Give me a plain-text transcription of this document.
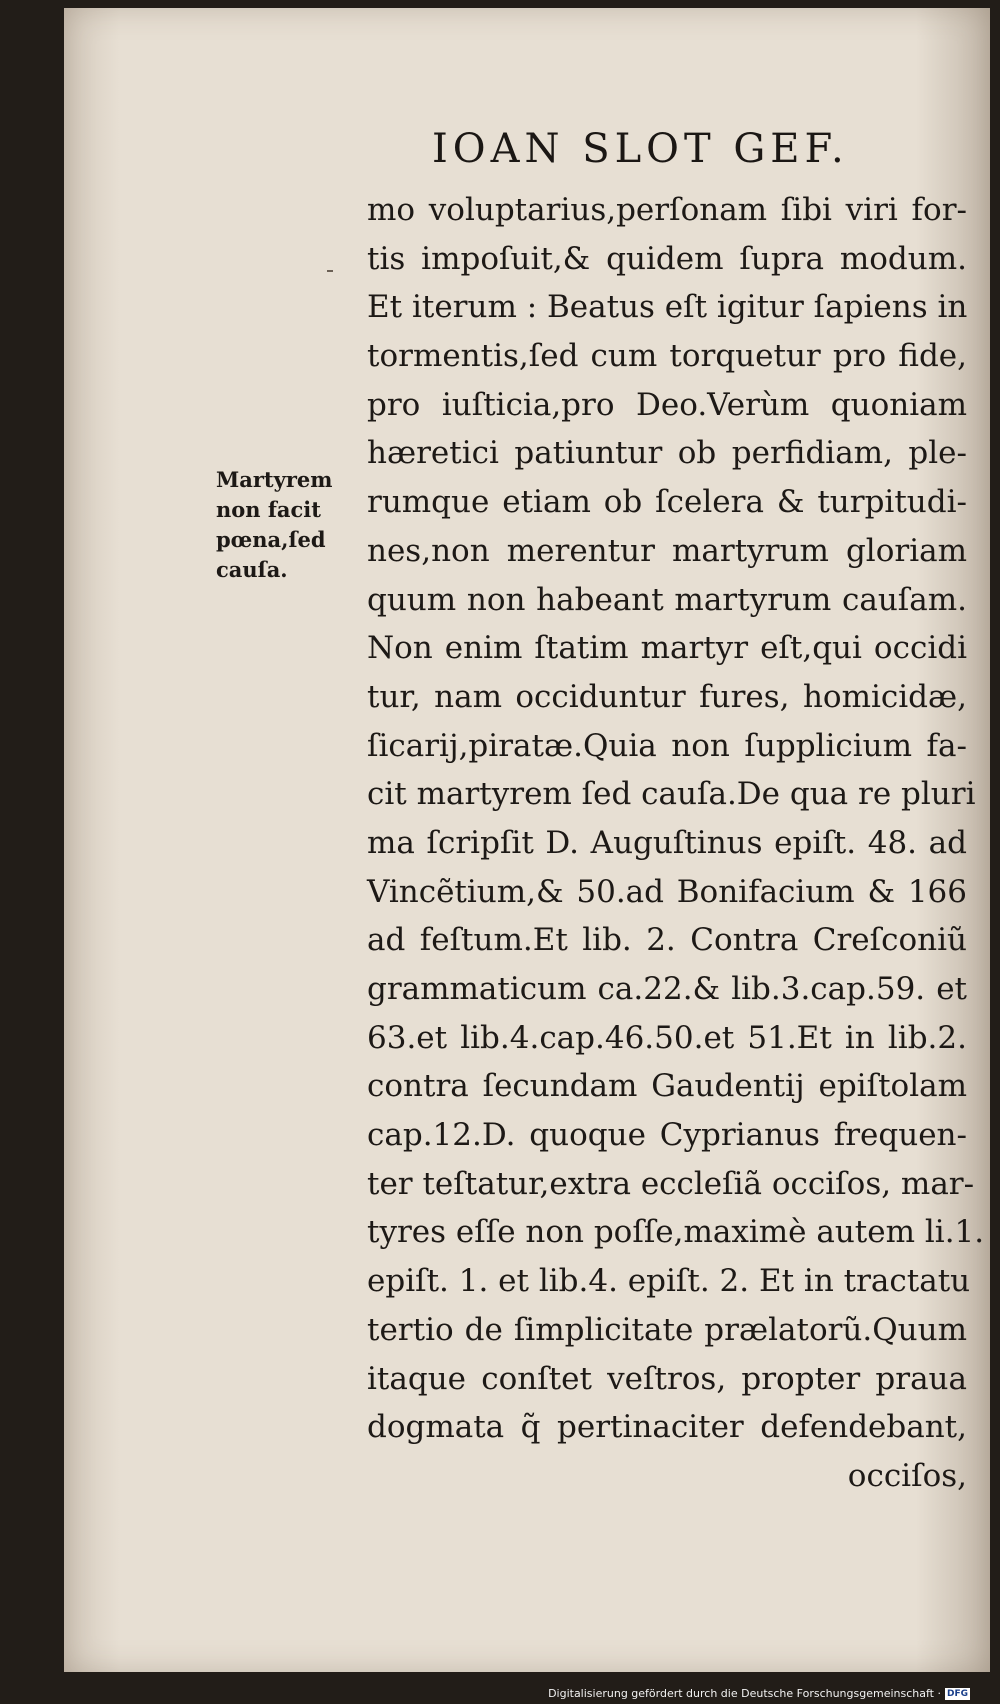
IOAN SLOT GEF.
Martyrem
non facit
pœna,ſed
cauſa.
mo voluptarius,perſonam ſibi viri for-
tis impoſuit,& quidem ſupra modum.
Et iterum : Beatus eſt igitur ſapiens in
tormentis,ſed cum torquetur pro fide,
pro iuſticia,pro Deo.Verùm quoniam
hæretici patiuntur ob perfidiam, ple-
rumque etiam ob ſcelera & turpitudi-
nes,non merentur martyrum gloriam
quum non habeant martyrum cauſam.
Non enim ſtatim martyr eſt,qui occidi
tur, nam occiduntur fures, homicidæ,
ſicarij,piratæ.Quia non ſupplicium fa-
cit martyrem ſed cauſa.De qua re pluri
ma ſcripſit D. Auguſtinus epiſt. 48. ad
Vincẽtium,& 50.ad Bonifacium & 166
ad feſtum.Et lib. 2. Contra Creſconiũ
grammaticum ca.22.& lib.3.cap.59. et
63.et lib.4.cap.46.50.et 51.Et in lib.2.
contra ſecundam Gaudentij epiſtolam
cap.12.D. quoque Cyprianus frequen-
ter teſtatur,extra eccleſiã occiſos, mar-
tyres eſſe non poſſe,maximè autem li.1.
epiſt. 1. et lib.4. epiſt. 2. Et in tractatu
tertio de ſimplicitate prælatorũ.Quum
itaque conſtet veſtros, propter praua
dogmata q̃ pertinaciter defendebant,
occiſos,
Digitalisierung gefördert durch die Deutsche Forschungsgemeinschaft · DFG
